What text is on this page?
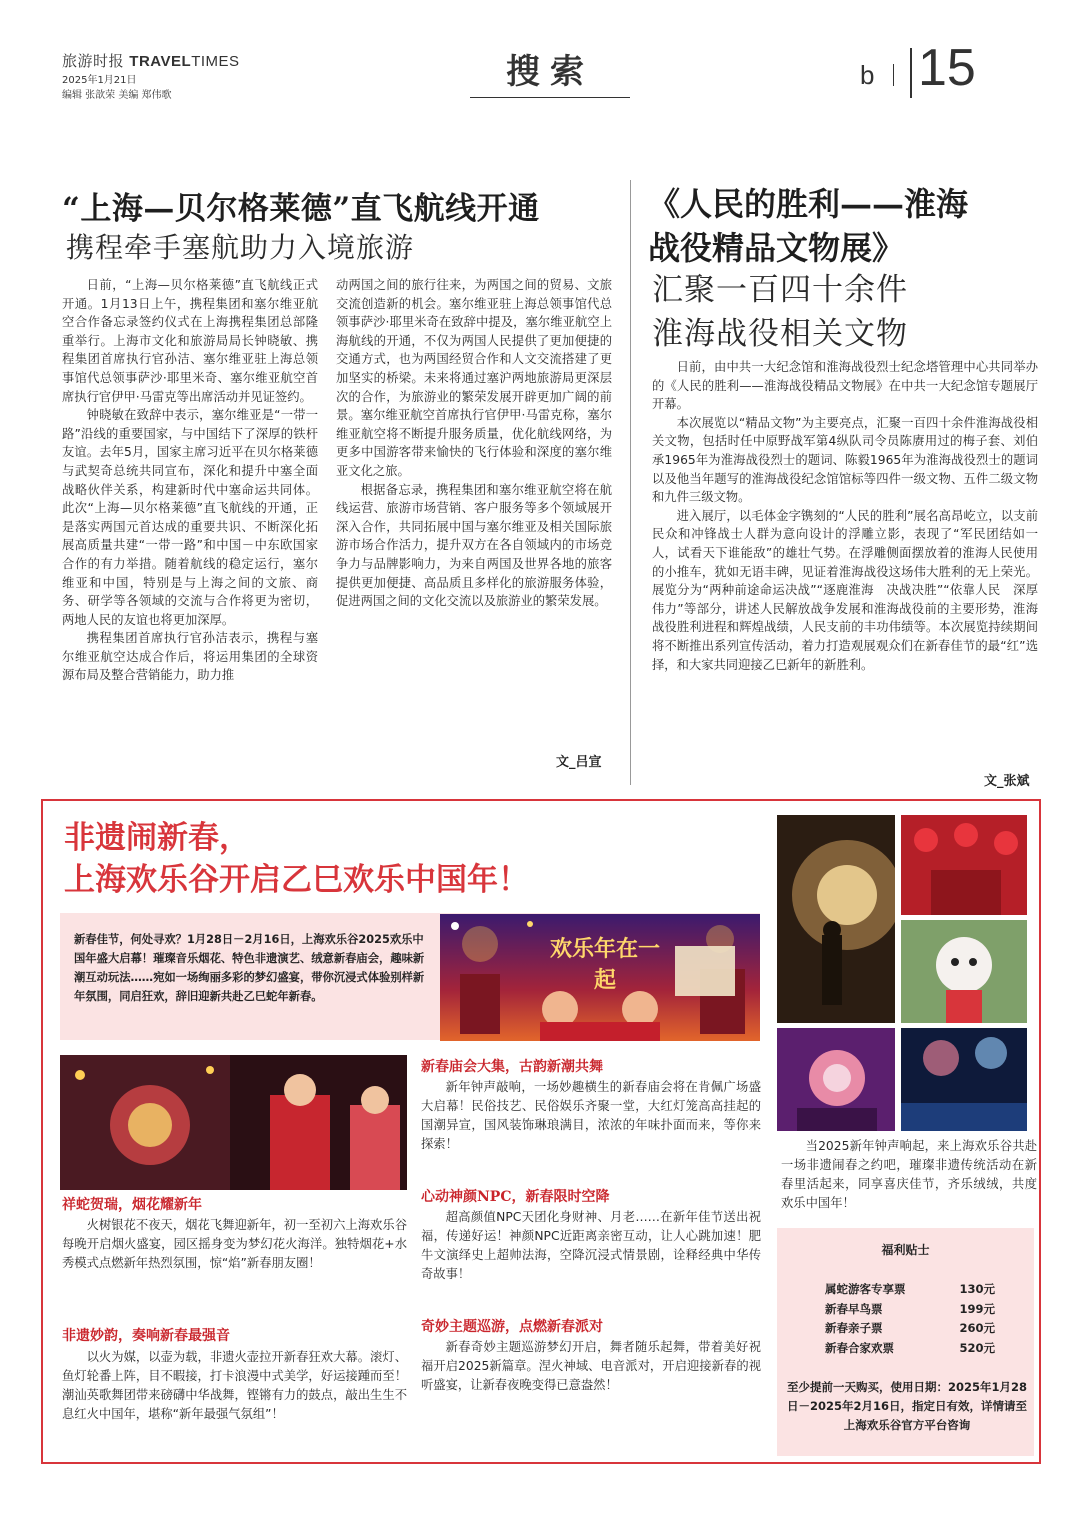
旅游时报 TRAVELTIMES
2025年1月21日
编辑 张歆荣 美编 郑伟歌
搜索	b 15
“上海—贝尔格莱德”直飞航线开通
携程牵手塞航助力入境旅游

日前，“上海—贝尔格莱德”直飞航线正式开通。1月13日上午，携程集团和塞尔维亚航空合作备忘录签约仪式在上海携程集团总部隆重举行。上海市文化和旅游局局长钟晓敏、携程集团首席执行官孙洁、塞尔维亚驻上海总领事馆代总领事萨沙·耶里米奇、塞尔维亚航空首席执行官伊甲·马雷克等出席活动并见证签约。

钟晓敏在致辞中表示，塞尔维亚是“一带一路”沿线的重要国家，与中国结下了深厚的铁杆友谊。去年5月，国家主席习近平在贝尔格莱德与武契奇总统共同宣布，深化和提升中塞全面战略伙伴关系，构建新时代中塞命运共同体。此次“上海—贝尔格莱德”直飞航线的开通，正是落实两国元首达成的重要共识、不断深化拓展高质量共建“一带一路”和中国－中东欧国家合作的有力举措。随着航线的稳定运行，塞尔维亚和中国，特别是与上海之间的文旅、商务、研学等各领域的交流与合作将更为密切，两地人民的友谊也将更加深厚。

携程集团首席执行官孙洁表示，携程与塞尔维亚航空达成合作后，将运用集团的全球资源布局及整合营销能力，助力推

动两国之间的旅行往来，为两国之间的贸易、文旅交流创造新的机会。塞尔维亚驻上海总领事馆代总领事萨沙·耶里米奇在致辞中提及，塞尔维亚航空上海航线的开通，不仅为两国人民提供了更加便捷的交通方式，也为两国经贸合作和人文交流搭建了更加坚实的桥梁。未来将通过塞沪两地旅游局更深层次的合作，为旅游业的繁荣发展开辟更加广阔的前景。塞尔维亚航空首席执行官伊甲·马雷克称，塞尔维亚航空将不断提升服务质量，优化航线网络，为更多中国游客带来愉快的飞行体验和深度的塞尔维亚文化之旅。

根据备忘录，携程集团和塞尔维亚航空将在航线运营、旅游市场营销、客户服务等多个领域展开深入合作，共同拓展中国与塞尔维亚及相关国际旅游市场合作活力，提升双方在各自领域内的市场竞争力与品牌影响力，为来自两国及世界各地的旅客提供更加便捷、高品质且多样化的旅游服务体验，促进两国之间的文化交流以及旅游业的繁荣发展。

文_吕宣
《人民的胜利——淮海
战役精品文物展》
汇聚一百四十余件
淮海战役相关文物

日前，由中共一大纪念馆和淮海战役烈士纪念塔管理中心共同举办的《人民的胜利——淮海战役精品文物展》在中共一大纪念馆专题展厅开幕。

本次展览以“精品文物”为主要亮点，汇聚一百四十余件淮海战役相关文物，包括时任中原野战军第4纵队司令员陈赓用过的梅子套、刘伯承1965年为淮海战役烈士的题词、陈毅1965年为淮海战役烈士的题词以及他当年题写的淮海战役纪念馆馆标等四件一级文物、五件二级文物和九件三级文物。

进入展厅，以毛体金字镌刻的“人民的胜利”展名高昂屹立，以支前民众和冲锋战士人群为意向设计的浮雕立影，表现了“军民团结如一人，试看天下谁能敌”的雄壮气势。在浮雕侧面摆放着的淮海人民使用的小推车，犹如无语丰碑，见证着淮海战役这场伟大胜利的无上荣光。展览分为“两种前途命运决战”“逐鹿淮海　决战决胜”“依靠人民　深厚伟力”等部分，讲述人民解放战争发展和淮海战役前的主要形势，淮海战役胜利进程和辉煌战绩，人民支前的丰功伟绩等。本次展览持续期间将不断推出系列宣传活动，着力打造观展观众们在新春佳节的最“红”选择，和大家共同迎接乙巳新年的新胜利。

文_张斌
非遗闹新春，
上海欢乐谷开启乙巳欢乐中国年！
新春佳节，何处寻欢？1月28日－2月16日，上海欢乐谷2025欢乐中国年盛大启幕！璀璨音乐烟花、特色非遗演艺、绒意新春庙会，趣味新潮互动玩法……宛如一场绚丽多彩的梦幻盛宴，带你沉浸式体验别样新年氛围，同启狂欢，辞旧迎新共赴乙巳蛇年新春。
欢乐年在一起
祥蛇贺瑞，烟花耀新年
火树银花不夜天，烟花飞舞迎新年，初一至初六上海欢乐谷每晚开启烟火盛宴，园区摇身变为梦幻花火海洋。独特烟花+水秀模式点燃新年热烈氛围，惊“焰”新春朋友圈！
非遗妙韵，奏响新春最强音
以火为媒，以壶为载，非遗火壶拉开新春狂欢大幕。滚灯、鱼灯轮番上阵，目不暇接，打卡浪漫中式美学，好运接踵而至！潮汕英歌舞团带来磅礴中华战舞，铿锵有力的鼓点，敲出生生不息红火中国年，堪称“新年最强气氛组”！
新春庙会大集，古韵新潮共舞
新年钟声敲响，一场妙趣横生的新春庙会将在肯佩广场盛大启幕！民俗技艺、民俗娱乐齐聚一堂，大红灯笼高高挂起的国潮异宣，国风装饰琳琅满目，浓浓的年味扑面而来，等你来探索！
心动神颜NPC，新春限时空降
超高颜值NPC天团化身财神、月老……在新年佳节送出祝福，传递好运！神颜NPC近距离亲密互动，让人心跳加速！肥牛文演绎史上超帅法海，空降沉浸式情景剧，诠释经典中华传奇故事！
奇妙主题巡游，点燃新春派对
新春奇妙主题巡游梦幻开启，舞者随乐起舞，带着美好祝福开启2025新篇章。涅火神域、电音派对，开启迎接新春的视听盛宴，让新春夜晚变得已意盎然！
当2025新年钟声响起，来上海欢乐谷共赴一场非遗闹春之约吧，璀璨非遗传统活动在新春里活起来，同享喜庆佳节，齐乐绒绒，共度欢乐中国年！
福利贴士
属蛇游客专享票	130元
新春早鸟票	199元
新春亲子票	260元
新春合家欢票	520元
至少提前一天购买，使用日期：2025年1月28日－2025年2月16日，指定日有效，详情请至上海欢乐谷官方平台咨询
